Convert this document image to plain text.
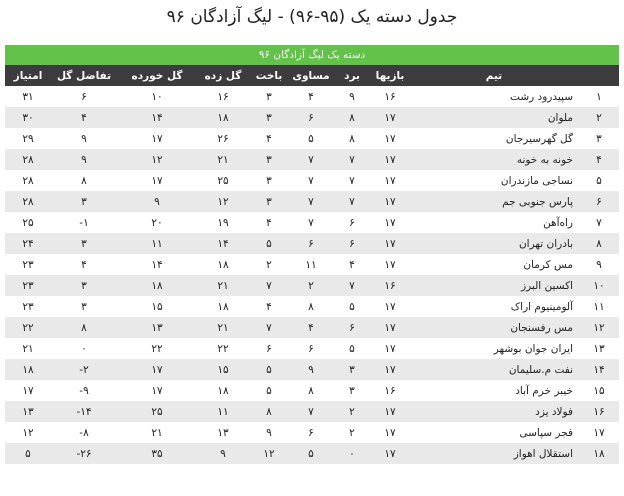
جدول دسته یک (۹۵-۹۶) - لیگ آزادگان ۹۶
دسته یک لیگ آزادگان ۹۶
	تیم	بازیها	برد	مساوی	باخت	گل زده	گل خورده	تفاضل گل	امتیاز
۱	سپیدرود رشت	۱۶	۹	۴	۳	۱۶	۱۰	۶	۳۱
۲	ملوان	۱۷	۸	۶	۳	۱۸	۱۴	۴	۳۰
۳	گل گهرسیرجان	۱۷	۸	۵	۴	۲۶	۱۷	۹	۲۹
۴	خونه به خونه	۱۷	۷	۷	۳	۲۱	۱۲	۹	۲۸
۵	نساجی مازندران	۱۷	۷	۷	۳	۲۵	۱۷	۸	۲۸
۶	پارس جنوبی جم	۱۷	۷	۷	۳	۱۲	۹	۳	۲۸
۷	راه‌آهن	۱۷	۶	۷	۴	۱۹	۲۰	-۱	۲۵
۸	بادران تهران	۱۷	۶	۶	۵	۱۴	۱۱	۳	۲۴
۹	مس کرمان	۱۷	۴	۱۱	۲	۱۸	۱۴	۴	۲۳
۱۰	اکسین البرز	۱۶	۷	۲	۷	۲۱	۱۸	۳	۲۳
۱۱	آلومینیوم اراک	۱۷	۵	۸	۴	۱۸	۱۵	۳	۲۳
۱۲	مس رفسنجان	۱۷	۶	۴	۷	۲۱	۱۳	۸	۲۲
۱۳	ایران جوان بوشهر	۱۷	۵	۶	۶	۲۲	۲۲	۰	۲۱
۱۴	نفت م.سلیمان	۱۷	۳	۹	۵	۱۵	۱۷	-۲	۱۸
۱۵	خیبر خرم آباد	۱۶	۳	۸	۵	۱۸	۱۷	-۹	۱۷
۱۶	فولاد یزد	۱۷	۲	۷	۸	۱۱	۲۵	-۱۴	۱۳
۱۷	فجر سپاسی	۱۷	۲	۶	۹	۱۳	۲۱	-۸	۱۲
۱۸	استقلال اهواز	۱۷	۰	۵	۱۲	۹	۳۵	-۲۶	۵
